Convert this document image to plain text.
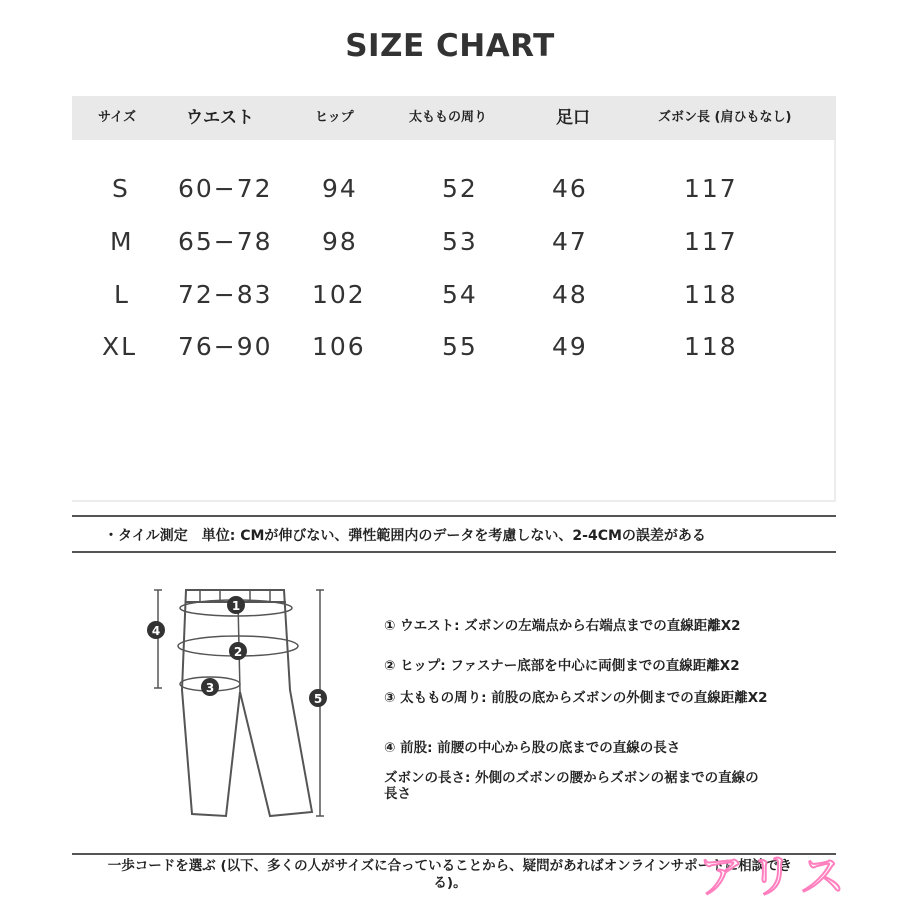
SIZE CHART
サイズ	ウエスト	ヒップ	太ももの周り	足口	ズボン長 (肩ひもなし)
S 60−72 94	52	46	117
M 65−78 98	53	47	117
L 72−83 102	54	48	118
XL 76−90 106	55	49	118
・タイル測定　単位: CMが伸びない、弾性範囲内のデータを考慮しない、2-4CMの誤差がある
1
2
3
4
5
① ウエスト: ズボンの左端点から右端点までの直線距離X2
② ヒップ: ファスナー底部を中心に両側までの直線距離X2
③ 太ももの周り: 前股の底からズボンの外側までの直線距離X2
④ 前股: 前腰の中心から股の底までの直線の長さ
ズボンの長さ: 外側のズボンの腰からズボンの裾までの直線の長さ
一歩コードを選ぶ (以下、多くの人がサイズに合っていることから、疑問があればオンラインサポートに相談できる)。	アリス
